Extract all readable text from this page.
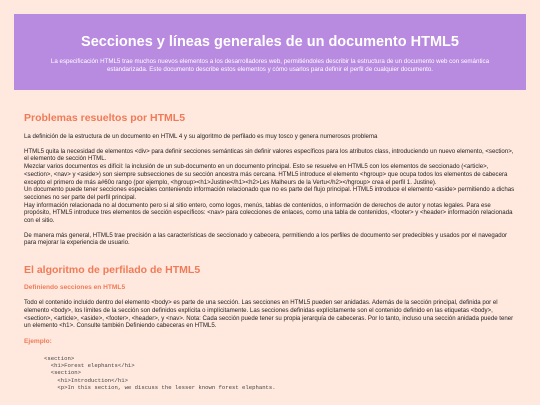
Secciones y líneas generales de un documento HTML5

La especificación HTML5 trae muchos nuevos elementos a los desarrolladores web, permitiéndoles describir la estructura de un documento web con semántica estandarizada. Este documento describe estos elementos y cómo usarlos para definir el perfil de cualquier documento.

Problemas resueltos por HTML5

La definición de la estructura de un documento en HTML 4 y su algoritmo de perfilado es muy tosco y genera numerosos problema

HTML5 quita la necesidad de elementos <div> para definir secciones semánticas sin definir valores específicos para los atributos class, introduciendo un nuevo elemento, <section>, el elemento de sección HTML.

Mezclar varios documentos es difícil: la inclusión de un sub-documento en un documento principal. Esto se resuelve en HTML5 con los elementos de seccionado (<article>, <section>, <nav> y <aside>) son siempre subsecciones de su sección ancestra más cercana. HTML5 introduce el elemento <hgroup> que ocupa todos los elementos de cabecera excepto el primero de más a#60o rango (por ejemplo, <hgroup><h1>Justine</h1><h2>Les Malheurs de la Vertu</h2></hgroup> crea el perfil 1. Justine).

Un documento puede tener secciones especiales conteniendo información relacionado que no es parte del flujo principal. HTML5 introduce el elemento <aside> permitiendo a dichas secciones no ser parte del perfil principal.

Hay información relacionada no al documento pero si al sitio entero, como logos, menús, tablas de contenidos, o información de derechos de autor y notas legales. Para ese propósito, HTML5 introduce tres elementos de sección específicos: <nav> para colecciones de enlaces, como una tabla de contenidos, <footer> y <header> información relacionada con el sitio.

De manera más general, HTML5 trae precisión a las características de seccionado y cabecera, permitiendo a los perfiles de documento ser predecibles y usados por el navegador para mejorar la experiencia de usuario.

El algoritmo de perfilado de HTML5
Definiendo secciones en HTML5

Todo el contenido incluido dentro del elemento <body> es parte de una sección. Las secciones en HTML5 pueden ser anidadas. Además de la sección principal, definida por el elemento <body>, los límites de la sección son definidos explícita o implícitamente. Las secciones definidas explícitamente son el contenido definido en las etiquetas <body>, <section>, <article>, <aside>, <footer>, <header>, y <nav>. Nota: Cada sección puede tener su propia jerarquía de cabeceras. Por lo tanto, incluso una sección anidada puede tener un elemento <h1>. Consulte también Definiendo cabeceras en HTML5.

Ejemplo:
<section>
<h1>Forest elephants</h1>
<section>
<h1>Introduction</h1>
<p>In this section, we discuss the lesser known forest elephants.
